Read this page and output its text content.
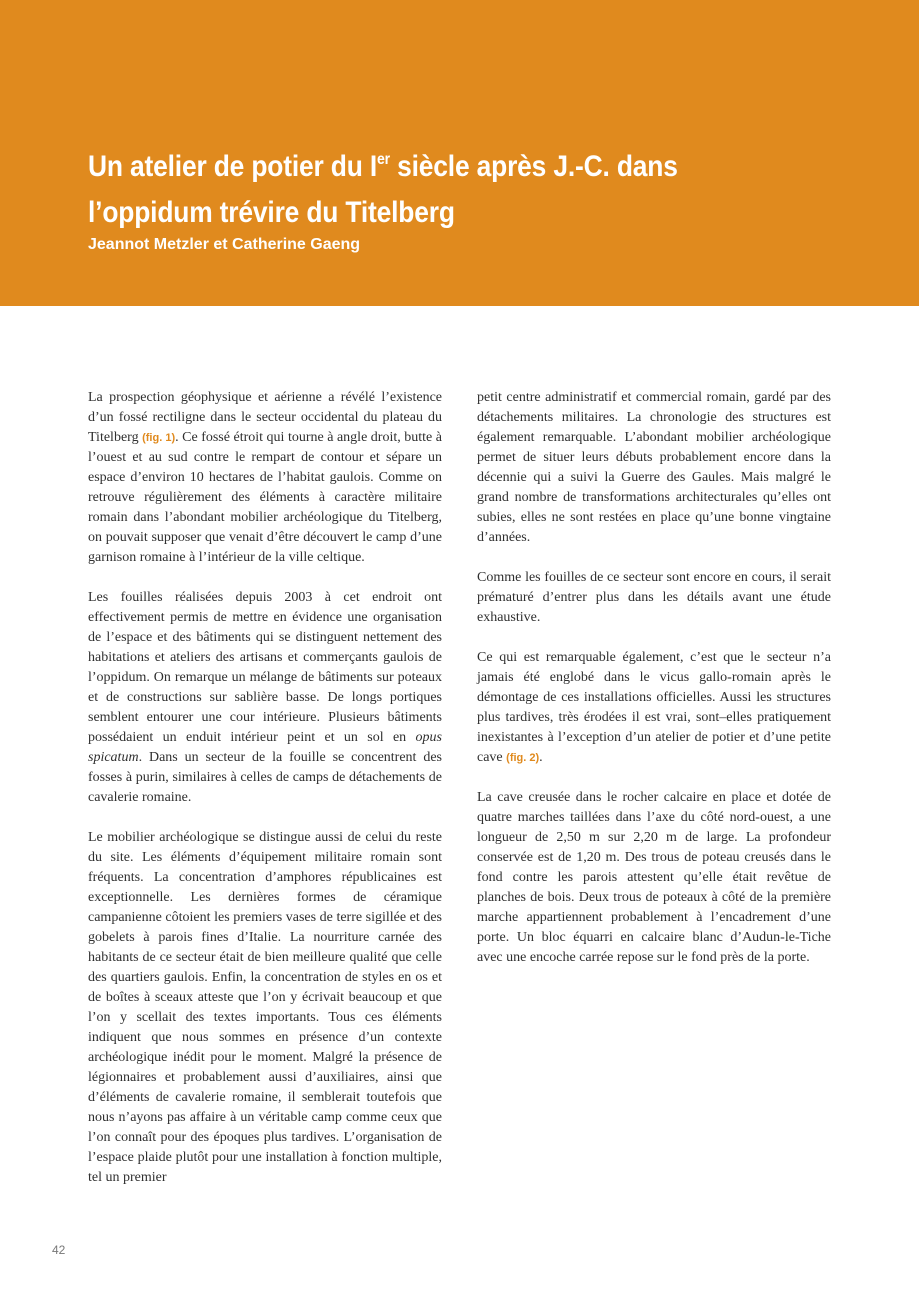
Un atelier de potier du Ier siècle après J.-C. dans l’oppidum trévire du Titelberg

Jeannot Metzler et Catherine Gaeng

La prospection géophysique et aérienne a révélé l’existence d’un fossé rectiligne dans le secteur occidental du plateau du Titelberg (fig. 1). Ce fossé étroit qui tourne à angle droit, butte à l’ouest et au sud contre le rempart de contour et sépare un espace d’environ 10 hectares de l’habitat gaulois. Comme on retrouve régulièrement des éléments à caractère militaire romain dans l’abondant mobilier archéologique du Titelberg, on pouvait supposer que venait d’être découvert le camp d’une garnison romaine à l’intérieur de la ville celtique.

Les fouilles réalisées depuis 2003 à cet endroit ont effectivement permis de mettre en évidence une organisation de l’espace et des bâtiments qui se distinguent nettement des habitations et ateliers des artisans et commerçants gaulois de l’oppidum. On remarque un mélange de bâtiments sur poteaux et de constructions sur sablière basse. De longs portiques semblent entourer une cour intérieure. Plusieurs bâtiments possédaient un enduit intérieur peint et un sol en opus spicatum. Dans un secteur de la fouille se concentrent des fosses à purin, similaires à celles de camps de détachements de cavalerie romaine.

Le mobilier archéologique se distingue aussi de celui du reste du site. Les éléments d’équipement militaire romain sont fréquents. La concentration d’amphores républicaines est exceptionnelle. Les dernières formes de céramique campanienne côtoient les premiers vases de terre sigillée et des gobelets à parois fines d’Italie. La nourriture carnée des habitants de ce secteur était de bien meilleure qualité que celle des quartiers gaulois. Enfin, la concentration de styles en os et de boîtes à sceaux atteste que l’on y écrivait beaucoup et que l’on y scellait des textes importants. Tous ces éléments indiquent que nous sommes en présence d’un contexte archéologique inédit pour le moment. Malgré la présence de légionnaires et probablement aussi d’auxiliaires, ainsi que d’éléments de cavalerie romaine, il semblerait toutefois que nous n’ayons pas affaire à un véritable camp comme ceux que l’on connaît pour des époques plus tardives. L’organisation de l’espace plaide plutôt pour une installation à fonction multiple, tel un premier

petit centre administratif et commercial romain, gardé par des détachements militaires. La chronologie des structures est également remarquable. L’abondant mobilier archéologique permet de situer leurs débuts probablement encore dans la décennie qui a suivi la Guerre des Gaules. Mais malgré le grand nombre de transformations architecturales qu’elles ont subies, elles ne sont restées en place qu’une bonne vingtaine d’années.

Comme les fouilles de ce secteur sont encore en cours, il serait prématuré d’entrer plus dans les détails avant une étude exhaustive.

Ce qui est remarquable également, c’est que le secteur n’a jamais été englobé dans le vicus gallo-romain après le démontage de ces installations officielles. Aussi les structures plus tardives, très érodées il est vrai, sont–elles pratiquement inexistantes à l’exception d’un atelier de potier et d’une petite cave (fig. 2).

La cave creusée dans le rocher calcaire en place et dotée de quatre marches taillées dans l’axe du côté nord-ouest, a une longueur de 2,50 m sur 2,20 m de large. La profondeur conservée est de 1,20 m. Des trous de poteau creusés dans le fond contre les parois attestent qu’elle était revêtue de planches de bois. Deux trous de poteaux à côté de la première marche appartiennent probablement à l’encadrement d’une porte. Un bloc équarri en calcaire blanc d’Audun-le-Tiche avec une encoche carrée repose sur le fond près de la porte.

42
